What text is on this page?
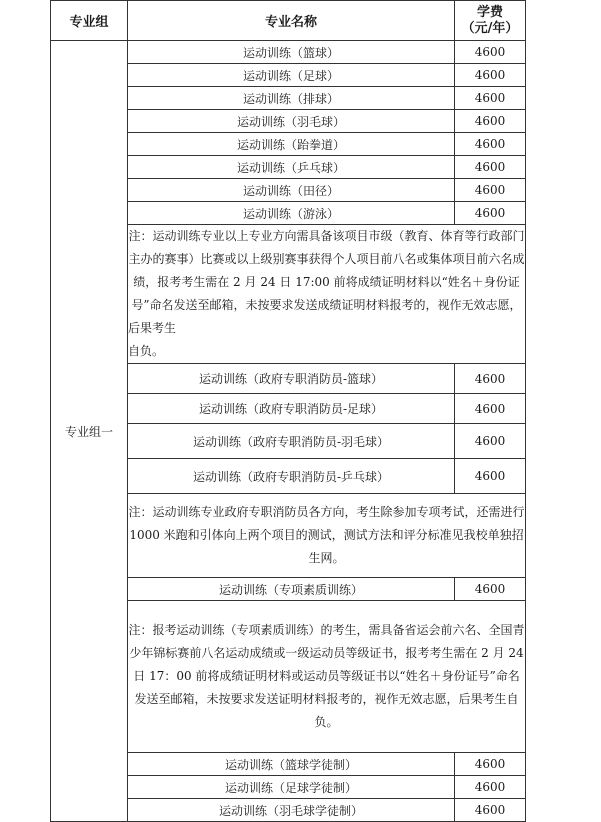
专业组	专业名称	学费
（元/年）

专业组一	运动训练（篮球）	4600
	运动训练（足球）	4600
	运动训练（排球）	4600
	运动训练（羽毛球）	4600
	运动训练（跆拳道）	4600
	运动训练（乒乓球）	4600
	运动训练（田径）	4600
	运动训练（游泳）	4600
	注：运动训练专业以上专业方向需具备该项目市级（教育、体育等行政部门主办的赛事）比赛或以上级别赛事获得个人项目前八名或集体项目前六名成绩，报考考生需在 2 月 24 日 17:00 前将成绩证明材料以“姓名＋身份证号”命名发送至邮箱，未按要求发送成绩证明材料报考的，视作无效志愿，后果考生
自负。	

	运动训练（政府专职消防员-篮球）	4600
	运动训练（政府专职消防员-足球）	4600
	运动训练（政府专职消防员-羽毛球）	4600
	运动训练（政府专职消防员-乒乓球）	4600
	注：运动训练专业政府专职消防员各方向，考生除参加专项考试，还需进行 1000 米跑和引体向上两个项目的测试，测试方法和评分标准见我校单独招生网。	
	运动训练（专项素质训练）	4600
	注：报考运动训练（专项素质训练）的考生，需具备省运会前六名、全国青少年锦标赛前八名运动成绩或一级运动员等级证书，报考考生需在 2 月 24 日 17：00 前将成绩证明材料或运动员等级证书以“姓名＋身份证号”命名发送至邮箱，未按要求发送证明材料报考的，视作无效志愿，后果考生自负。	
	运动训练（篮球学徒制）	4600
	运动训练（足球学徒制）	4600
	运动训练（羽毛球学徒制）	4600
